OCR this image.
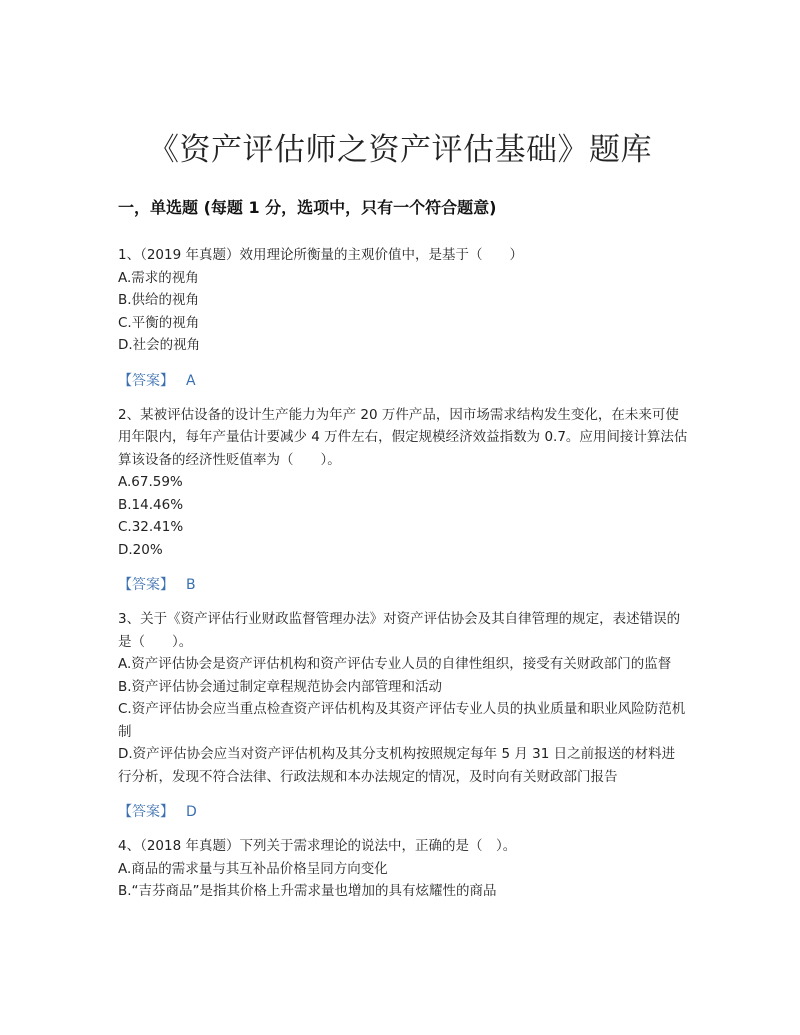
《资产评估师之资产评估基础》题库
一，单选题 (每题 1 分，选项中，只有一个符合题意)

1、（2019 年真题）效用理论所衡量的主观价值中，是基于（　　）

A.需求的视角

B.供给的视角

C.平衡的视角

D.社会的视角

【答案】 A

2、某被评估设备的设计生产能力为年产 20 万件产品，因市场需求结构发生变化，在未来可使用年限内，每年产量估计要减少 4 万件左右，假定规模经济效益指数为 0.7。应用间接计算法估算该设备的经济性贬值率为（　　）。

A.67.59%

B.14.46%

C.32.41%

D.20%

【答案】 B

3、关于《资产评估行业财政监督管理办法》对资产评估协会及其自律管理的规定，表述错误的是（　　）。

A.资产评估协会是资产评估机构和资产评估专业人员的自律性组织，接受有关财政部门的监督

B.资产评估协会通过制定章程规范协会内部管理和活动

C.资产评估协会应当重点检查资产评估机构及其资产评估专业人员的执业质量和职业风险防范机制

D.资产评估协会应当对资产评估机构及其分支机构按照规定每年 5 月 31 日之前报送的材料进行分析，发现不符合法律、行政法规和本办法规定的情况，及时向有关财政部门报告

【答案】 D

4、（2018 年真题）下列关于需求理论的说法中，正确的是（　）。

A.商品的需求量与其互补品价格呈同方向变化

B.“吉芬商品”是指其价格上升需求量也增加的具有炫耀性的商品
